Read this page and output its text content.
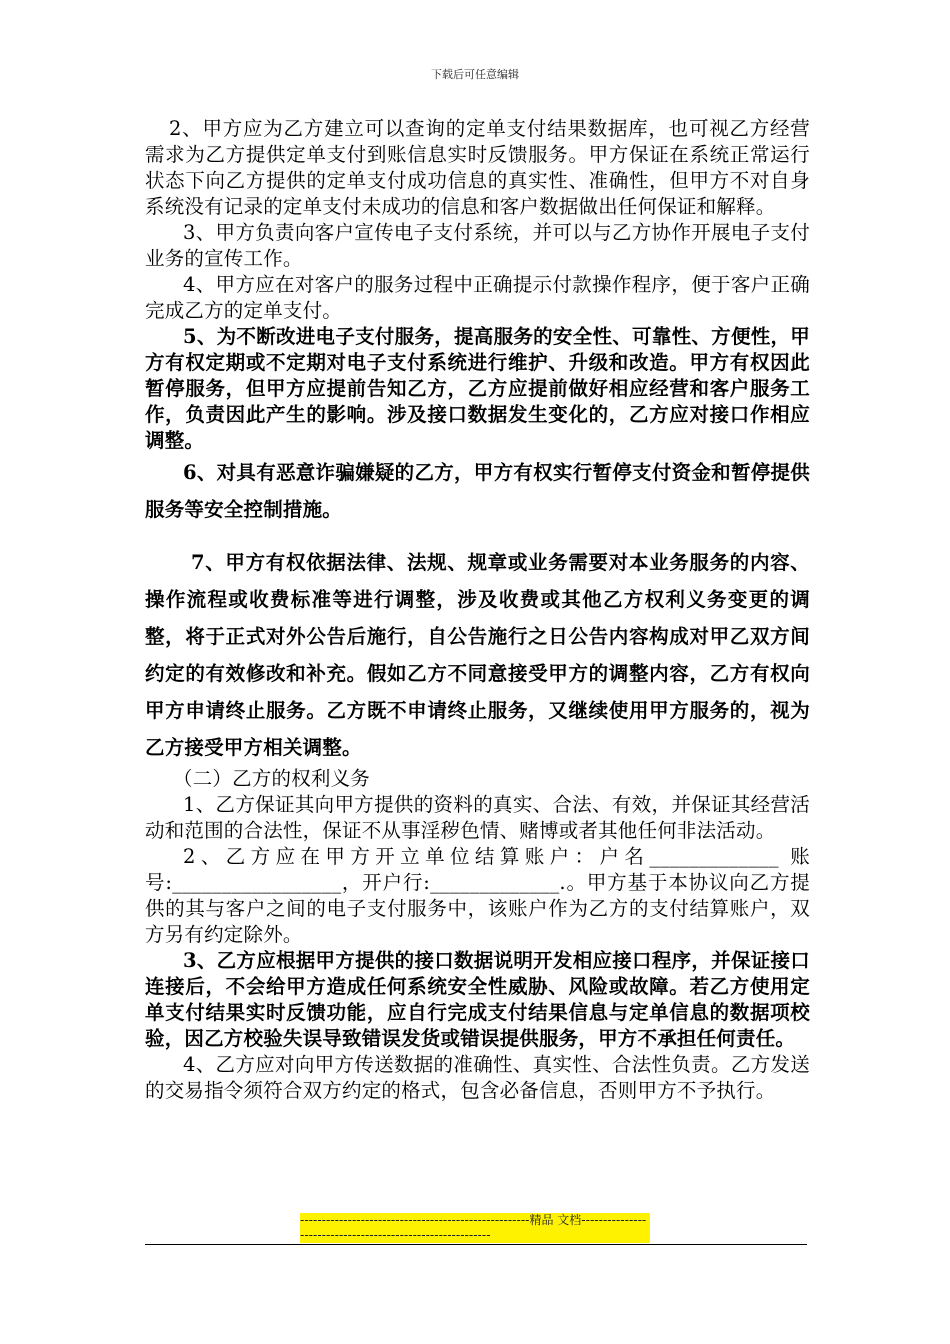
下载后可任意编辑

2、甲方应为乙方建立可以查询的定单支付结果数据库，也可视乙方经营需求为乙方提供定单支付到账信息实时反馈服务。甲方保证在系统正常运行状态下向乙方提供的定单支付成功信息的真实性、准确性，但甲方不对自身系统没有记录的定单支付未成功的信息和客户数据做出任何保证和解释。

3、甲方负责向客户宣传电子支付系统，并可以与乙方协作开展电子支付业务的宣传工作。

4、甲方应在对客户的服务过程中正确提示付款操作程序，便于客户正确完成乙方的定单支付。

5、为不断改进电子支付服务，提高服务的安全性、可靠性、方便性，甲方有权定期或不定期对电子支付系统进行维护、升级和改造。甲方有权因此暂停服务，但甲方应提前告知乙方，乙方应提前做好相应经营和客户服务工作，负责因此产生的影响。涉及接口数据发生变化的，乙方应对接口作相应调整。

6、对具有恶意诈骗嫌疑的乙方，甲方有权实行暂停支付资金和暂停提供服务等安全控制措施。

7、甲方有权依据法律、法规、规章或业务需要对本业务服务的内容、操作流程或收费标准等进行调整，涉及收费或其他乙方权利义务变更的调整，将于正式对外公告后施行，自公告施行之日公告内容构成对甲乙双方间约定的有效修改和补充。假如乙方不同意接受甲方的调整内容，乙方有权向甲方申请终止服务。乙方既不申请终止服务，又继续使用甲方服务的，视为乙方接受甲方相关调整。

（二）乙方的权利义务

1、乙方保证其向甲方提供的资料的真实、合法、有效，并保证其经营活动和范围的合法性，保证不从事淫秽色情、赌博或者其他任何非法活动。

2、乙方应在甲方开立单位结算账户：户名_____________ 账号:_________________，开户行:_____________.。甲方基于本协议向乙方提供的其与客户之间的电子支付服务中，该账户作为乙方的支付结算账户，双方另有约定除外。

3、乙方应根据甲方提供的接口数据说明开发相应接口程序，并保证接口连接后，不会给甲方造成任何系统安全性威胁、风险或故障。若乙方使用定单支付结果实时反馈功能，应自行完成支付结果信息与定单信息的数据项校验，因乙方校验失误导致错误发货或错误提供服务，甲方不承担任何责任。

4、乙方应对向甲方传送数据的准确性、真实性、合法性负责。乙方发送的交易指令须符合双方约定的格式，包含必备信息，否则甲方不予执行。

-----------------------------------------------------精品 文档-----------------------------------------------------------
